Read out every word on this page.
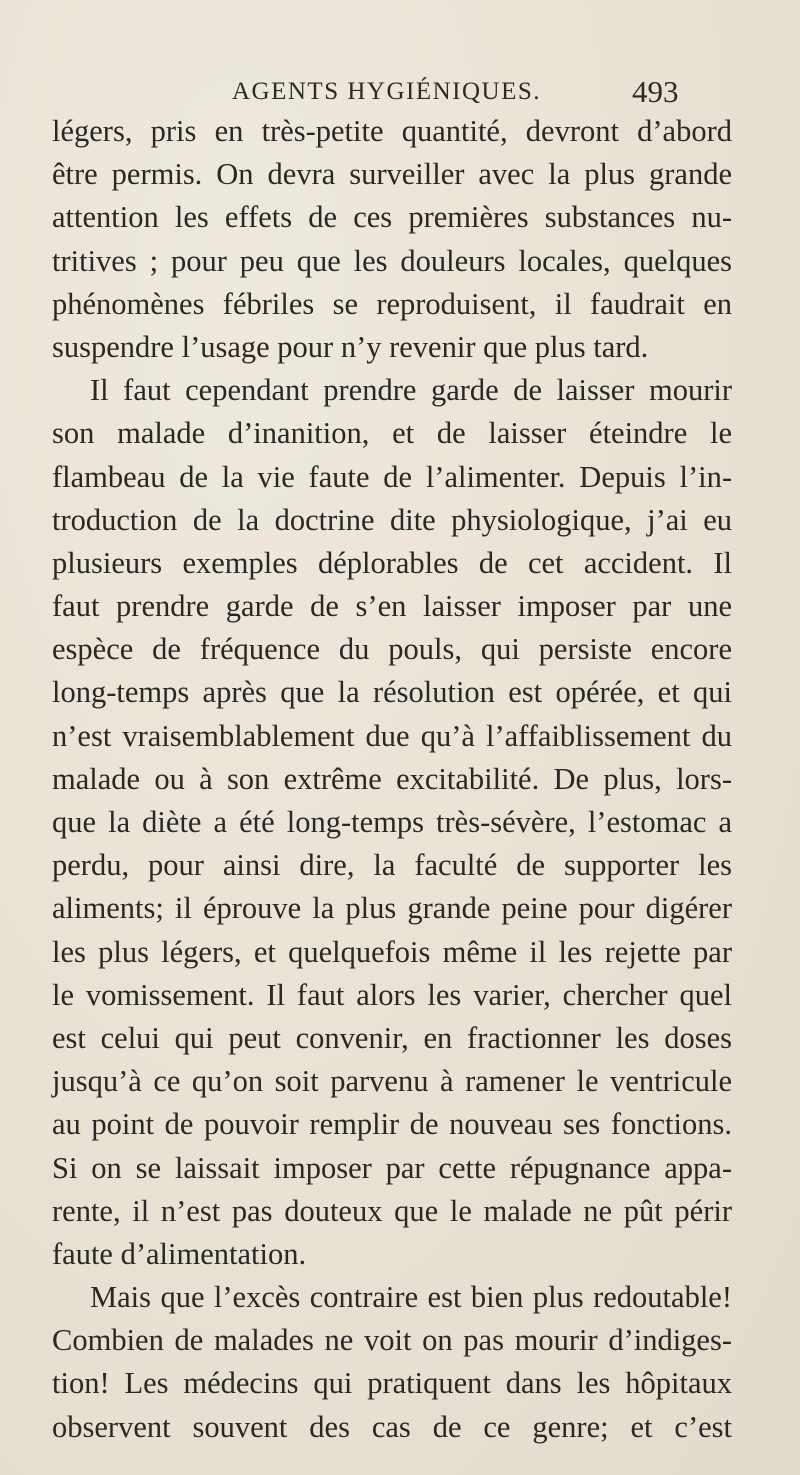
AGENTS HYGIÉNIQUES.	493
légers, pris en très-petite quantité, devront d’abord
être permis. On devra surveiller avec la plus grande
attention les effets de ces premières substances nu-
tritives ; pour peu que les douleurs locales, quelques
phénomènes fébriles se reproduisent, il faudrait en
suspendre l’usage pour n’y revenir que plus tard.
Il faut cependant prendre garde de laisser mourir
son malade d’inanition, et de laisser éteindre le
flambeau de la vie faute de l’alimenter. Depuis l’in-
troduction de la doctrine dite physiologique, j’ai eu
plusieurs exemples déplorables de cet accident. Il
faut prendre garde de s’en laisser imposer par une
espèce de fréquence du pouls, qui persiste encore
long-temps après que la résolution est opérée, et qui
n’est vraisemblablement due qu’à l’affaiblissement du
malade ou à son extrême excitabilité. De plus, lors-
que la diète a été long-temps très-sévère, l’estomac a
perdu, pour ainsi dire, la faculté de supporter les
aliments; il éprouve la plus grande peine pour digérer
les plus légers, et quelquefois même il les rejette par
le vomissement. Il faut alors les varier, chercher quel
est celui qui peut convenir, en fractionner les doses
jusqu’à ce qu’on soit parvenu à ramener le ventricule
au point de pouvoir remplir de nouveau ses fonctions.
Si on se laissait imposer par cette répugnance appa-
rente, il n’est pas douteux que le malade ne pût périr
faute d’alimentation.
Mais que l’excès contraire est bien plus redoutable!
Combien de malades ne voit on pas mourir d’indiges-
tion! Les médecins qui pratiquent dans les hôpitaux
observent souvent des cas de ce genre; et c’est
